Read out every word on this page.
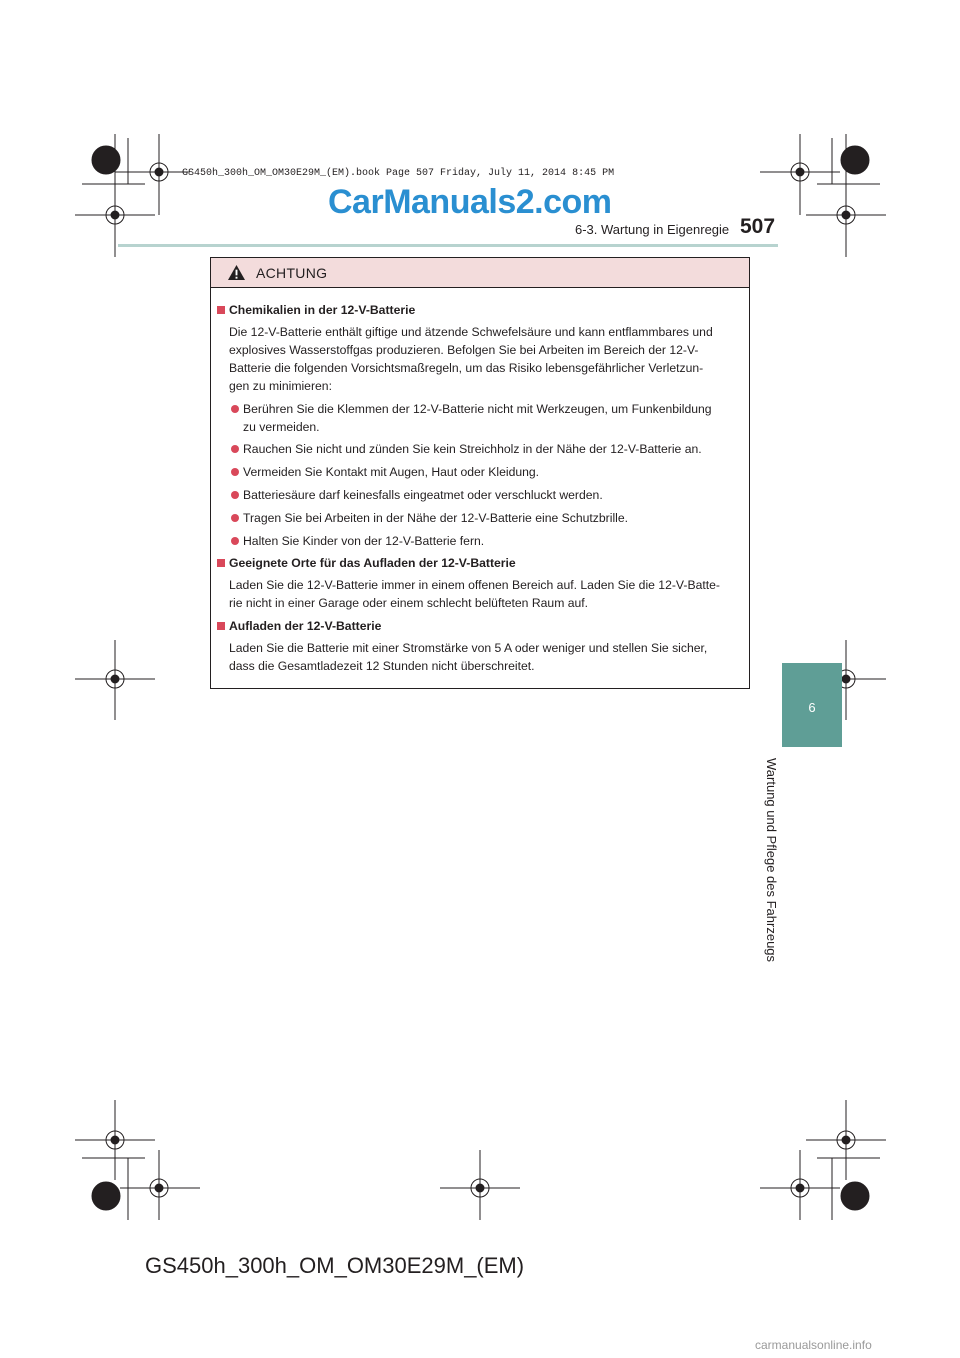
GS450h_300h_OM_OM30E29M_(EM).book Page 507 Friday, July 11, 2014 8:45 PM
CarManuals2.com
6-3. Wartung in Eigenregie 507
6
Wartung und Pflege des Fahrzeugs
ACHTUNG
Chemikalien in der 12-V-Batterie
Die 12-V-Batterie enthält giftige und ätzende Schwefelsäure und kann entflammbares und
explosives Wasserstoffgas produzieren. Befolgen Sie bei Arbeiten im Bereich der 12-V-
Batterie die folgenden Vorsichtsmaßregeln, um das Risiko lebensgefährlicher Verletzun-
gen zu minimieren:
Berühren Sie die Klemmen der 12-V-Batterie nicht mit Werkzeugen, um Funkenbildung
zu vermeiden.
Rauchen Sie nicht und zünden Sie kein Streichholz in der Nähe der 12-V-Batterie an.
Vermeiden Sie Kontakt mit Augen, Haut oder Kleidung.
Batteriesäure darf keinesfalls eingeatmet oder verschluckt werden.
Tragen Sie bei Arbeiten in der Nähe der 12-V-Batterie eine Schutzbrille.
Halten Sie Kinder von der 12-V-Batterie fern.
Geeignete Orte für das Aufladen der 12-V-Batterie
Laden Sie die 12-V-Batterie immer in einem offenen Bereich auf. Laden Sie die 12-V-Batte-
rie nicht in einer Garage oder einem schlecht belüfteten Raum auf.
Aufladen der 12-V-Batterie
Laden Sie die Batterie mit einer Stromstärke von 5 A oder weniger und stellen Sie sicher,
dass die Gesamtladezeit 12 Stunden nicht überschreitet.
GS450h_300h_OM_OM30E29M_(EM)
carmanualsonline.info
